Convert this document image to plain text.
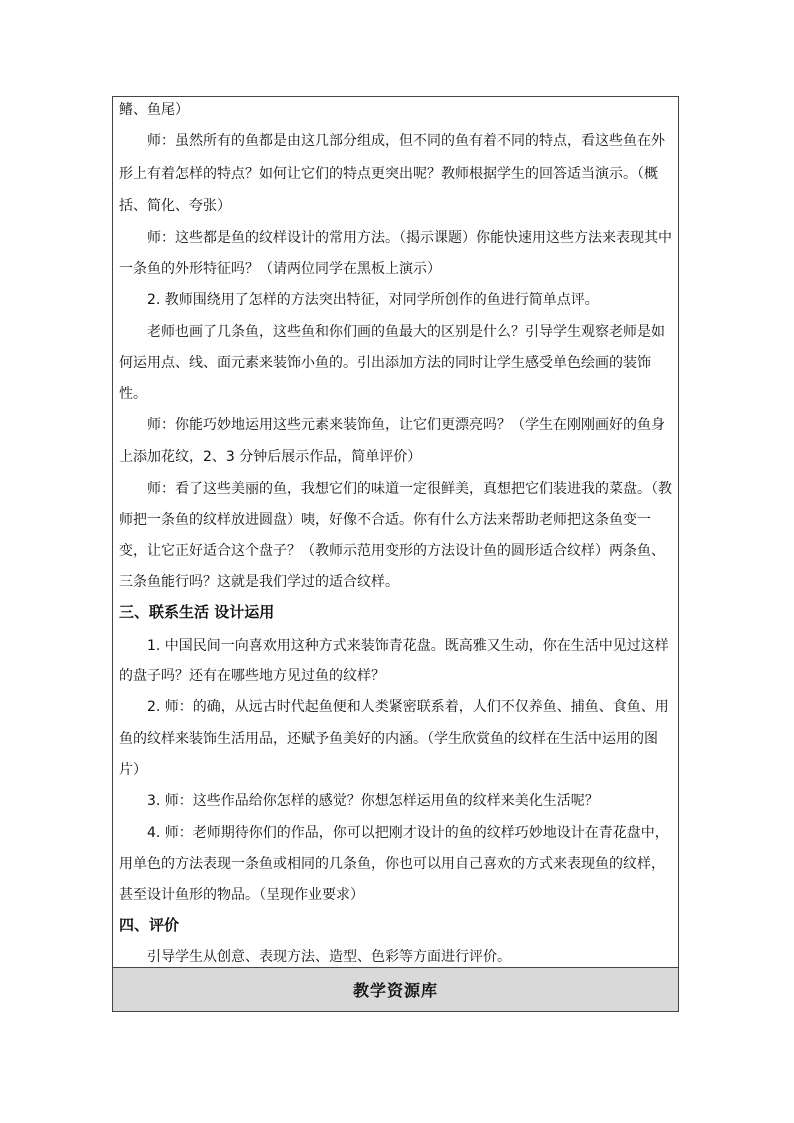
鳍、鱼尾）
师：虽然所有的鱼都是由这几部分组成，但不同的鱼有着不同的特点，看这些鱼在外
形上有着怎样的特点？如何让它们的特点更突出呢？教师根据学生的回答适当演示。（概
括、简化、夸张）
师：这些都是鱼的纹样设计的常用方法。（揭示课题）你能快速用这些方法来表现其中
一条鱼的外形特征吗？（请两位同学在黑板上演示）
2. 教师围绕用了怎样的方法突出特征，对同学所创作的鱼进行简单点评。
老师也画了几条鱼，这些鱼和你们画的鱼最大的区别是什么？引导学生观察老师是如
何运用点、线、面元素来装饰小鱼的。引出添加方法的同时让学生感受单色绘画的装饰
性。
师：你能巧妙地运用这些元素来装饰鱼，让它们更漂亮吗？（学生在刚刚画好的鱼身
上添加花纹，2、3 分钟后展示作品，简单评价）
师：看了这些美丽的鱼，我想它们的味道一定很鲜美，真想把它们装进我的菜盘。（教
师把一条鱼的纹样放进圆盘）咦，好像不合适。你有什么方法来帮助老师把这条鱼变一
变，让它正好适合这个盘子？（教师示范用变形的方法设计鱼的圆形适合纹样）两条鱼、
三条鱼能行吗？这就是我们学过的适合纹样。
三、联系生活 设计运用
1. 中国民间一向喜欢用这种方式来装饰青花盘。既高雅又生动，你在生活中见过这样
的盘子吗？还有在哪些地方见过鱼的纹样？
2. 师：的确，从远古时代起鱼便和人类紧密联系着，人们不仅养鱼、捕鱼、食鱼、用
鱼的纹样来装饰生活用品，还赋予鱼美好的内涵。（学生欣赏鱼的纹样在生活中运用的图
片）
3. 师：这些作品给你怎样的感觉？你想怎样运用鱼的纹样来美化生活呢？
4. 师：老师期待你们的作品，你可以把刚才设计的鱼的纹样巧妙地设计在青花盘中，
用单色的方法表现一条鱼或相同的几条鱼，你也可以用自己喜欢的方式来表现鱼的纹样，
甚至设计鱼形的物品。（呈现作业要求）
四、评价
引导学生从创意、表现方法、造型、色彩等方面进行评价。
教学资源库
